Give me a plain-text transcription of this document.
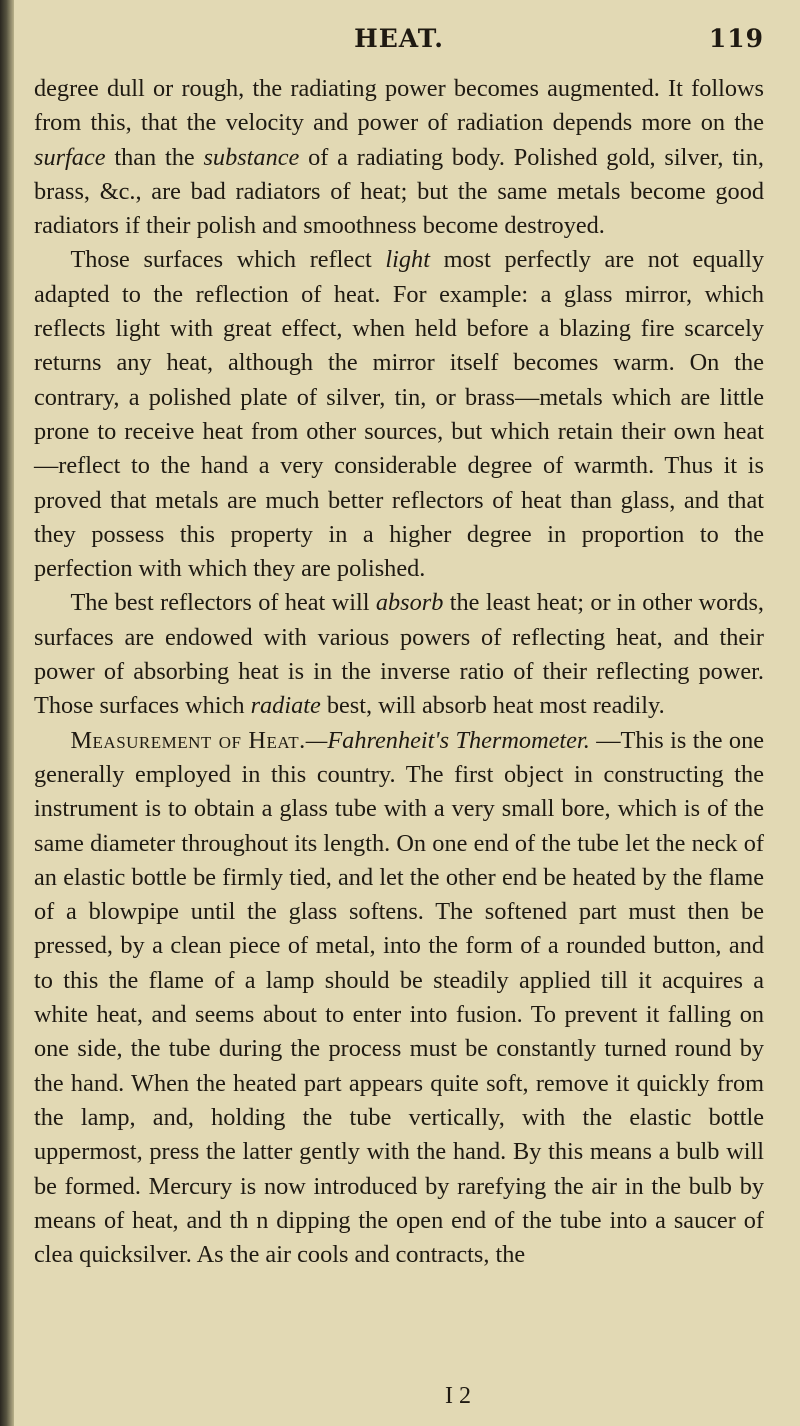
HEAT.	119

degree dull or rough, the radiating power becomes augmented. It follows from this, that the velocity and power of radiation depends more on the surface than the substance of a radiating body. Polished gold, silver, tin, brass, &c., are bad radiators of heat; but the same metals become good radiators if their polish and smoothness become destroyed.

Those surfaces which reflect light most perfectly are not equally adapted to the reflection of heat. For example: a glass mirror, which reflects light with great effect, when held before a blazing fire scarcely returns any heat, although the mirror itself becomes warm. On the contrary, a polished plate of silver, tin, or brass—metals which are little prone to receive heat from other sources, but which retain their own heat—reflect to the hand a very considerable degree of warmth. Thus it is proved that metals are much better reflectors of heat than glass, and that they possess this property in a higher degree in proportion to the perfection with which they are polished.

The best reflectors of heat will absorb the least heat; or in other words, surfaces are endowed with various powers of reflecting heat, and their power of absorbing heat is in the inverse ratio of their reflecting power. Those surfaces which radiate best, will absorb heat most readily.

Measurement of Heat.—Fahrenheit's Thermometer. —This is the one generally employed in this country. The first object in constructing the instrument is to obtain a glass tube with a very small bore, which is of the same diameter throughout its length. On one end of the tube let the neck of an elastic bottle be firmly tied, and let the other end be heated by the flame of a blowpipe until the glass softens. The softened part must then be pressed, by a clean piece of metal, into the form of a rounded button, and to this the flame of a lamp should be steadily applied till it acquires a white heat, and seems about to enter into fusion. To prevent it falling on one side, the tube during the process must be constantly turned round by the hand. When the heated part appears quite soft, remove it quickly from the lamp, and, holding the tube vertically, with the elastic bottle uppermost, press the latter gently with the hand. By this means a bulb will be formed. Mercury is now introduced by rarefying the air in the bulb by means of heat, and th n dipping the open end of the tube into a saucer of clea quicksilver. As the air cools and contracts, the

I 2
